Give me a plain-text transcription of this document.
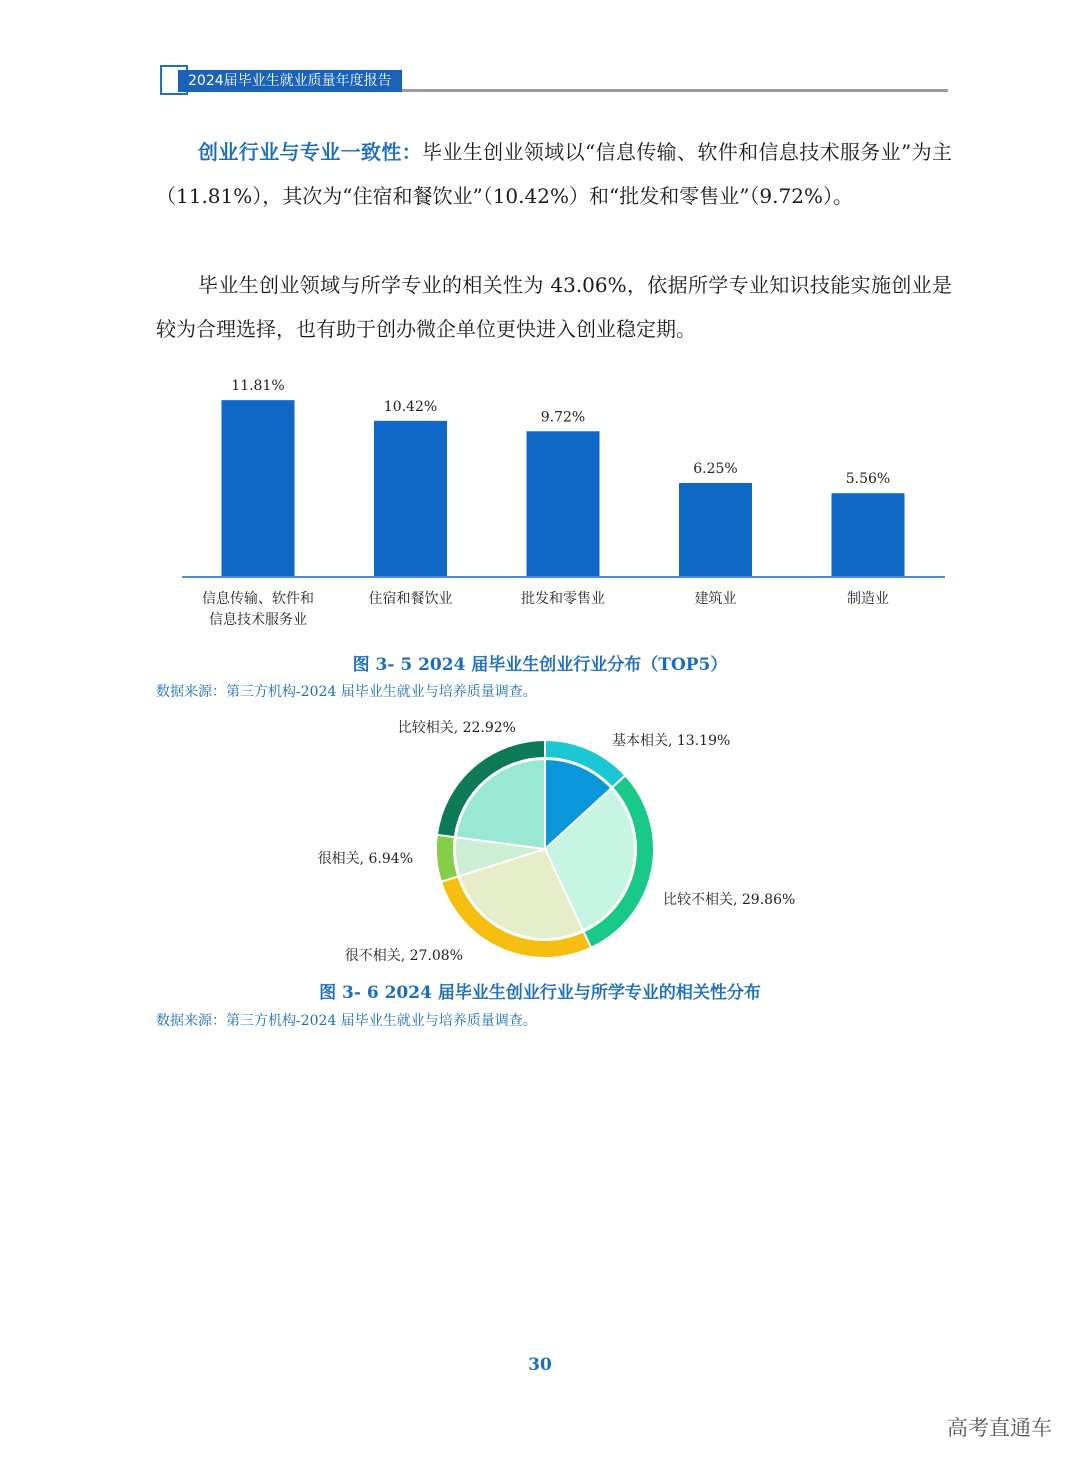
2024届毕业生就业质量年度报告
创业行业与专业一致性：毕业生创业领域以“信息传输、软件和信息技术服务业”为主（11.81%），其次为“住宿和餐饮业”（10.42%）和“批发和零售业”（9.72%）。
毕业生创业领域与所学专业的相关性为 43.06%，依据所学专业知识技能实施创业是较为合理选择，也有助于创办微企单位更快进入创业稳定期。
11.81%
信息传输、软件和
信息技术服务业
10.42%
住宿和餐饮业
9.72%
批发和零售业
6.25%
建筑业
5.56%
制造业
图 3- 5 2024 届毕业生创业行业分布（TOP5）
数据来源：第三方机构-2024 届毕业生就业与培养质量调查。
基本相关, 13.19%
比较不相关, 29.86%
很不相关, 27.08%
很相关, 6.94%
比较相关, 22.92%
图 3- 6 2024 届毕业生创业行业与所学专业的相关性分布
数据来源：第三方机构-2024 届毕业生就业与培养质量调查。
30
高考直通车
